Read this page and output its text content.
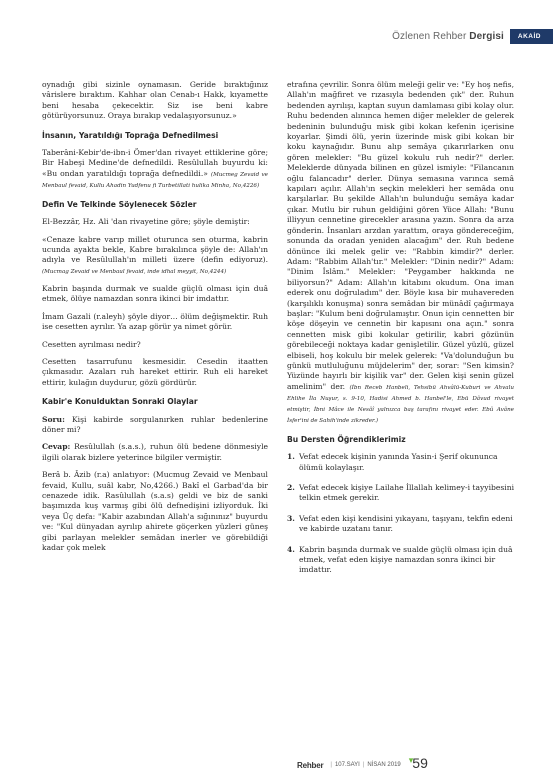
Özlenen Rehber Dergisi	AKAİD

oynadığı gibi sizinle oynamasın. Geride bıraktığınız vârislere bıraktım. Kahhar olan Cenab-ı Hakk, kıyamette beni hesaba çekecektir. Siz ise beni kabre götürüyorsunuz. Oraya bırakıp vedalaşıyorsunuz.»

İnsanın, Yaratıldığı Toprağa Defnedilmesi

Taberâni-Kebir'de-ibn-i Ömer'dan rivayet ettiklerine göre; Bir Habeşi Medine'de defnedildi. Resûlullah buyurdu ki: «Bu ondan yaratıldığı toprağa defnedildi.» (Mucmeg Zevaid ve Menbaul fevaid, Kullu Ahadin Yudfenu fi Turbetillati hulika Minha, No,4226)

Defin Ve Telkinde Söylenecek Sözler

El-Bezzâr, Hz. Ali 'dan rivayetine göre; şöyle demiştir:

«Cenaze kabre varıp millet oturunca sen oturma, kabrin ucunda ayakta bekle, Kabre bırakılınca şöyle de: Allah'ın adıyla ve Resûlullah'ın milleti üzere (defin ediyoruz). (Mucmag Zevaid ve Menbaul fevaid, inde idhal meyyit, No,4244)

Kabrin başında durmak ve sualde güçlü olması için duâ etmek, ölüye namazdan sonra ikinci bir imdattır.

İmam Gazali (r.aleyh) şöyle diyor… ölüm değişmektir. Ruh ise cesetten ayrılır. Ya azap görür ya nimet görür.

Cesetten ayrılması nedir?

Cesetten tasarrufunu kesmesidir. Cesedin itaatten çıkmasıdır. Azaları ruh hareket ettirir. Ruh eli hareket ettirir, kulağın duydurur, gözü gördürür.

Kabir'e Konulduktan Sonraki Olaylar

Soru: Kişi kabirde sorgulanırken ruhlar bedenlerine döner mi?

Cevap: Resûlullah (s.a.s.), ruhun ölü bedene dönmesiyle ilgili olarak bizlere yeterince bilgiler vermiştir.

Berâ b. Âzib (r.a) anlatıyor: (Mucmug Zevaid ve Menbaul fevaid, Kullu, suâl kabr, No,4266.) Bakî el Garbad'da bir cenazede idik. Rasûlullah (s.a.s) geldi ve biz de sanki başımızda kuş varmış gibi ölü defnedişini izliyorduk. İki veya Üç defa: "Kabir azabından Allah'a sığınınız" buyurdu ve: "Kul dünyadan ayrılıp ahirete göçerken yüzleri güneş gibi parlayan melekler semâdan inerler ve görebildiği kadar çok melek

etrafına çevrilir. Sonra ölüm meleği gelir ve: "Ey hoş nefis, Allah'ın mağfiret ve rızasıyla bedenden çık" der. Ruhun bedenden ayrılışı, kaptan suyun damlaması gibi kolay olur. Ruhu bedenden alınınca hemen diğer melekler de gelerek bedeninin bulunduğu misk gibi kokan kefenin içerisine koyarlar. Şimdi ölü, yerin üzerinde misk gibi kokan bir koku kaynağıdır. Bunu alıp semâya çıkarırlarken onu gören melekler: "Bu güzel kokulu ruh nedir?" derler. Meleklerde dünyada bilinen en güzel ismiyle: "Filancanın oğlu falancadır" derler. Dünya semasına varınca semâ kapıları açılır. Allah'ın seçkin melekleri her semâda onu karşılarlar. Bu şekilde Allah'ın bulunduğu semâya kadar çıkar. Mutlu bir ruhun geldiğini gören Yüce Allah: "Bunu illiyyun cennetine girecekler arasına yazın. Sonra da arza gönderin. İnsanları arzdan yarattım, oraya göndereceğim, sonunda da oradan yeniden alacağım" der. Ruh bedene dönünce iki melek gelir ve: "Rabbin kimdir?" derler. Adam: "Rabbim Allah'tır." Melekler: "Dinin nedir?" Adam: "Dinim İslâm." Melekler: "Peygamber hakkında ne biliyorsun?" Adam: Allah'ın kitabını okudum. Ona iman ederek onu doğruladım" der. Böyle kısa bir muhavereden (karşılıklı konuşma) sonra semâdan bir münâdî çağırmaya başlar: "Kulum beni doğrulamıştır. Onun için cennetten bir köşe döşeyin ve cennetin bir kapısını ona açın." sonra cennetten misk gibi kokular getirilir, kabri gözünün görebileceği noktaya kadar genişletilir. Güzel yüzlü, güzel elbiseli, hoş kokulu bir melek gelerek: "Va'dolunduğun bu günkü mutluluğunu müjdelerim" der, sorar: "Sen kimsin? Yüzünde hayırlı bir kişilik var" der. Gelen kişi senin güzel amelinim" der. (İbn Receb Hanbeli, Tehsibü Ahvâlü-Kuburi ve Ahvalu Ehlihe İla Nuşur, s. 9-10, Hadisi Ahmed b. Hanbel'le, Ebü Dâvud rivayet etmiştir, İbni Mâce ile Nesâî yalnızca baş tarafını rivayet eder. Ebû Avâne İsfer'ini de Sahih'inde zikreder.)

Bu Dersten Öğrendiklerimiz
1. Vefat edecek kişinin yanında Yasin-i Şerif okununca ölümü kolaylaşır.
2. Vefat edecek kişiye Lailahe İllallah kelimey-i tayyibesini telkin etmek gerekir.
3. Vefat eden kişi kendisini yıkayanı, taşıyanı, tekfin edeni ve kabirde uzatanı tanır.
4. Kabrin başında durmak ve sualde güçlü olması için duâ etmek, vefat eden kişiye namazdan sonra ikinci bir imdattır.
Rehber | 107.SAYI | NİSAN 2019 ▾59
